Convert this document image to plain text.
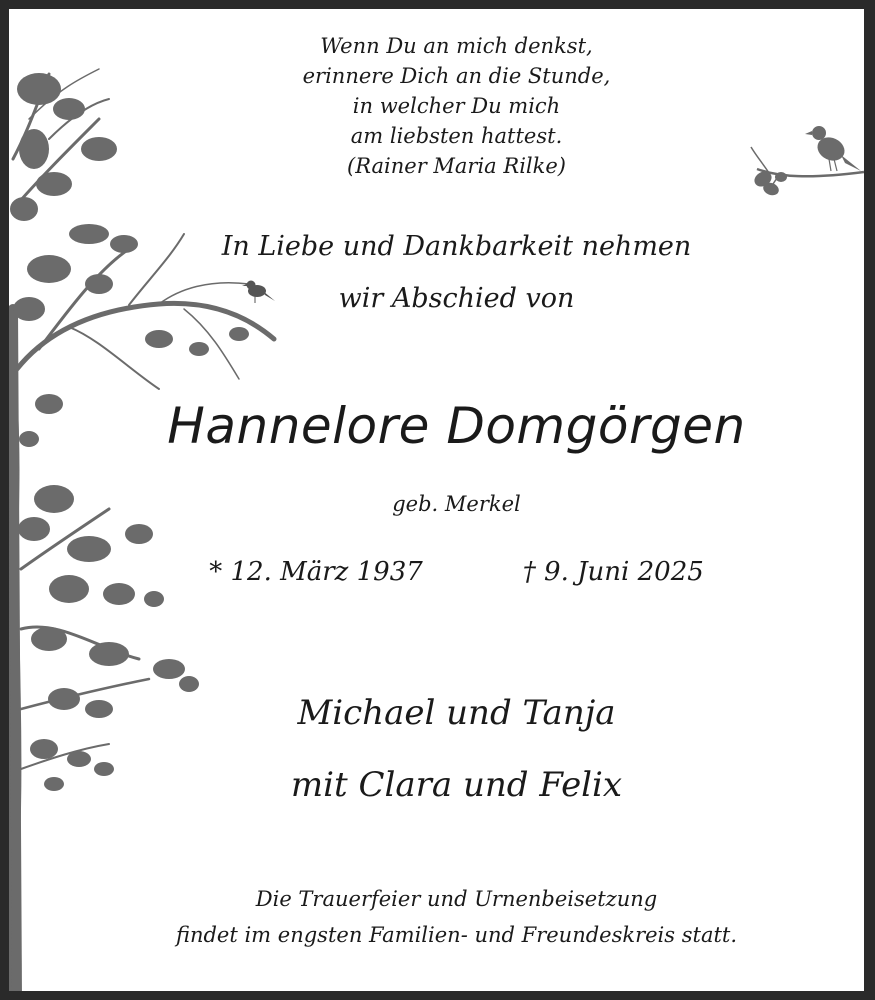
Wenn Du an mich denkst,
erinnere Dich an die Stunde,
in welcher Du mich
am liebsten hattest.
(Rainer Maria Rilke)
In Liebe und Dankbarkeit nehmen
wir Abschied von
Hannelore Domgörgen
geb. Merkel
* 12. März 1937	† 9. Juni 2025
Michael und Tanja
mit Clara und Felix
Die Trauerfeier und Urnenbeisetzung
findet im engsten Familien- und Freundeskreis statt.
